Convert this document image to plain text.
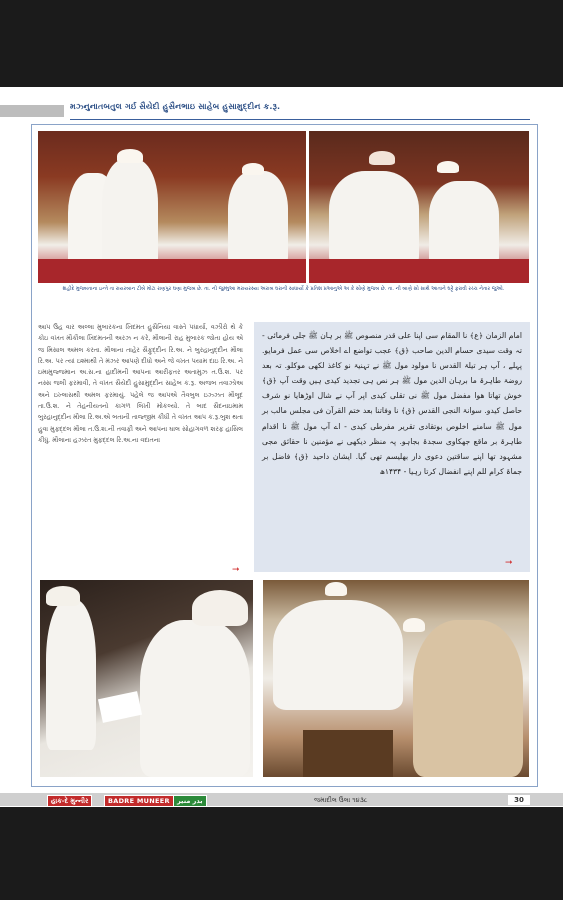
મઝ્નુનાતબતુલ ગર્ઇ સૈયેદી હુસૈનભાઇ સાહેબ હુસામુદ્દીન ક.રૂ.
શહીદે મુજ્બતાના ઇન્તે તા રાયરબાન ટીબે મોટા રાણપુર ઘણા મુજબ છે. તા. ની જુમ્મુઆ મરાયરસ્યા અરાબ ઘરાની સાધાર્યો કે પ્રતિશ પ્રઆનુએ અ કે સોણે મુજબ છે. તા. ની બાણે સો સાથે આતાને ઘટ્ટે ફરાવી રચ્ચ નેતાર જુઓ.
આપ ઉહ વાર અલ્લા મુબારકના ખિદમત હુસૈનિયા વાસ્તે પધાર્યા, વઝીરો થે કે કોઇ વખત મૌકૌલા ખિદમતની અરઝ ન કરે, મૌલાની રાહ મુબારક જોતા હોય એ જ મિસાલ અમલ કરતા. મૌલાના તાહેર સૈફુદ્દીન રિ.અ. ને બુરહાનુદ્દીન મૌલા રિ.અ. પર ત્યાં ઇશ્માથી તે મંઝર આપણે દીધો અને જે વખત પયામ દાઇ રિ.અ. ને ઇમામુજ્જમાન અ.સ.ના હાદીમની આપના આરીફતર અતામુઝ ત.ઉ.શ. પર નસ્સ જલી ફરમાવી, તે વખત સૈયેદી હુસામુદ્દીન સાહેબ ક.રૂ. અજબ તવાઝોઅ અને ઇખ્લાસથી અમલ ફરમાયું. પહેલે જ આપએ તૈવબુલ ઇઝ્ઝત મૌલૂદ તા.ઉ.શ. ને તેહનીયતનો કાગળ લિખી મોકલ્યો. તે બાદ સૈદનાઇમામ બુરહાનુદ્દીન મૌલા રિ.અ.એ બતાની તાજ્જીમ કીધી તે વખત આપ ક.રૂ.બુશ થતા હુવા મુફદ્દલ મૌલા ત.ઉ.શ.ની તવાફી અને આપના ઘાલ સોહાગવળ શરફ હાસિલ કીધું. મૌલાના હઝરત મુફદ્દલ રિ.અ.ના વદાતના
➞
امام الزمان ﴿ع﴾ نا المقام سی اپنا علی قدر منصوص ﷺ بر ہان ﷺ جلی فرمائی - تہ وقت سیدی حسام الدین صاحب ﴿ق﴾ عجب تواضع اے اخلاص سی عمل فرمایو. پہلے ، آپ ہر تیلۃ القدس نا مولود مول ﷺ نے تہنیۃ نو کاغذ لکھی موکلو. تہ بعد روضۃ طاہرۃ ما برہان الدین مول ﷺ ہر نص ہی تجدید کیدی ہیں وقت آپ ﴿ق﴾ خوش تھاتا ھوا مفضل مول ﷺ نی تقلی کیدی اپر آپ نے شال اوڑھایا نو شرف حاصل کیدو. سوانۃ النجی القدس ﴿ق﴾ نا وفاتنا بعد ختم القرآن فی مجلس مالب بر مول ﷺ سامنے اخلوص بوتقادی تقریر مفرطی کیدی - اے آپ مول ﷺ نا اقدام طاہرۃ بر ماقع جھکاوی سجدۃ بجاہو. پہ منظر دیکھی نے مؤمنین نا حقائق مجی مشہود تھا اپنے ساقتین دعوی دار بھلیسم تھی گیا. ایشان داحید ﴿ق﴾ فاضل بر جماۃ کرام للم اپنے انفضال کرتا رہیا - ۱۴۳۴ھ
➞
હાક-દે મુન્નીર	BADRE MUNEER	بدر منیر	જમાદીલ ઉલા ૧૪૩૮	30
